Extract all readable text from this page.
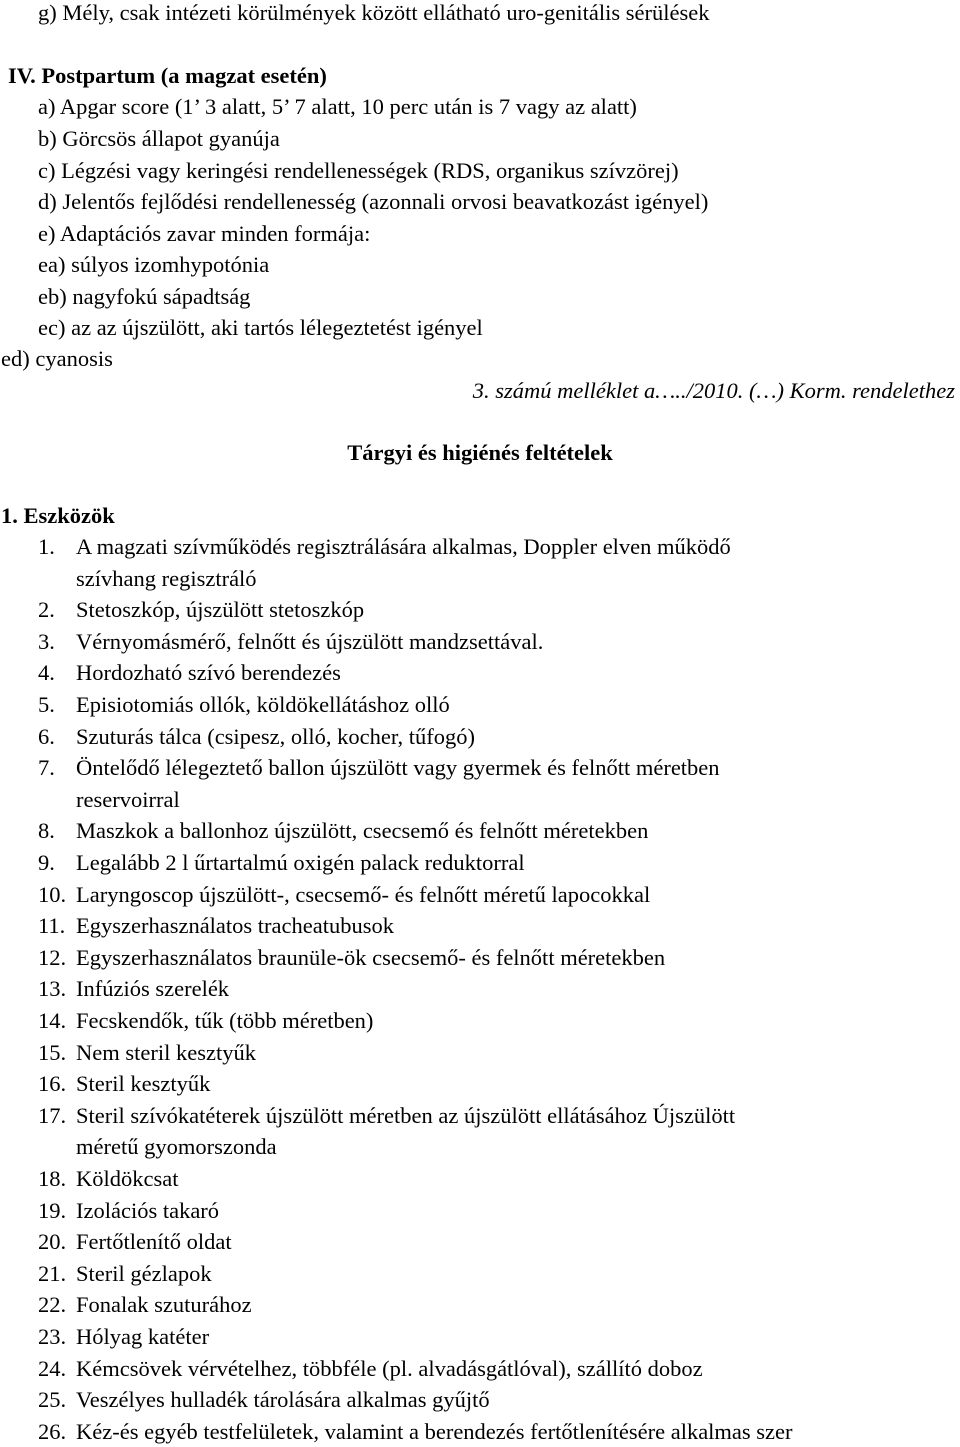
g) Mély, csak intézeti körülmények között ellátható uro-genitális sérülések
IV. Postpartum (a magzat esetén)
a) Apgar score (1’ 3 alatt, 5’ 7 alatt, 10 perc után is 7 vagy az alatt)
b) Görcsös állapot gyanúja
c) Légzési vagy keringési rendellenességek (RDS, organikus szívzörej)
d) Jelentős fejlődési rendellenesség (azonnali orvosi beavatkozást igényel)
e) Adaptációs zavar minden formája:
ea) súlyos izomhypotónia
eb) nagyfokú sápadtság
ec) az az újszülött, aki tartós lélegeztetést igényel
ed) cyanosis
3. számú melléklet a…../2010. (…) Korm. rendelethez
Tárgyi és higiénés feltételek
1. Eszközök
1. A magzati szívműködés regisztrálására alkalmas, Doppler elven működő
szívhang regisztráló
2. Stetoszkóp, újszülött stetoszkóp
3. Vérnyomásmérő, felnőtt és újszülött mandzsettával.
4. Hordozható szívó berendezés
5. Episiotomiás ollók, köldökellátáshoz olló
6. Szuturás tálca (csipesz, olló, kocher, tűfogó)
7. Öntelődő lélegeztető ballon újszülött vagy gyermek és felnőtt méretben
reservoirral
8. Maszkok a ballonhoz újszülött, csecsemő és felnőtt méretekben
9. Legalább 2 l űrtartalmú oxigén palack reduktorral
10. Laryngoscop újszülött-, csecsemő- és felnőtt méretű lapocokkal
11. Egyszerhasználatos tracheatubusok
12. Egyszerhasználatos braunüle-ök csecsemő- és felnőtt méretekben
13. Infúziós szerelék
14. Fecskendők, tűk (több méretben)
15. Nem steril kesztyűk
16. Steril kesztyűk
17. Steril szívókatéterek újszülött méretben az újszülött ellátásához Újszülött
méretű gyomorszonda
18. Köldökcsat
19. Izolációs takaró
20. Fertőtlenítő oldat
21. Steril gézlapok
22. Fonalak szuturához
23. Hólyag katéter
24. Kémcsövek vérvételhez, többféle (pl. alvadásgátlóval), szállító doboz
25. Veszélyes hulladék tárolására alkalmas gyűjtő
26. Kéz-és egyéb testfelületek, valamint a berendezés fertőtlenítésére alkalmas szer
